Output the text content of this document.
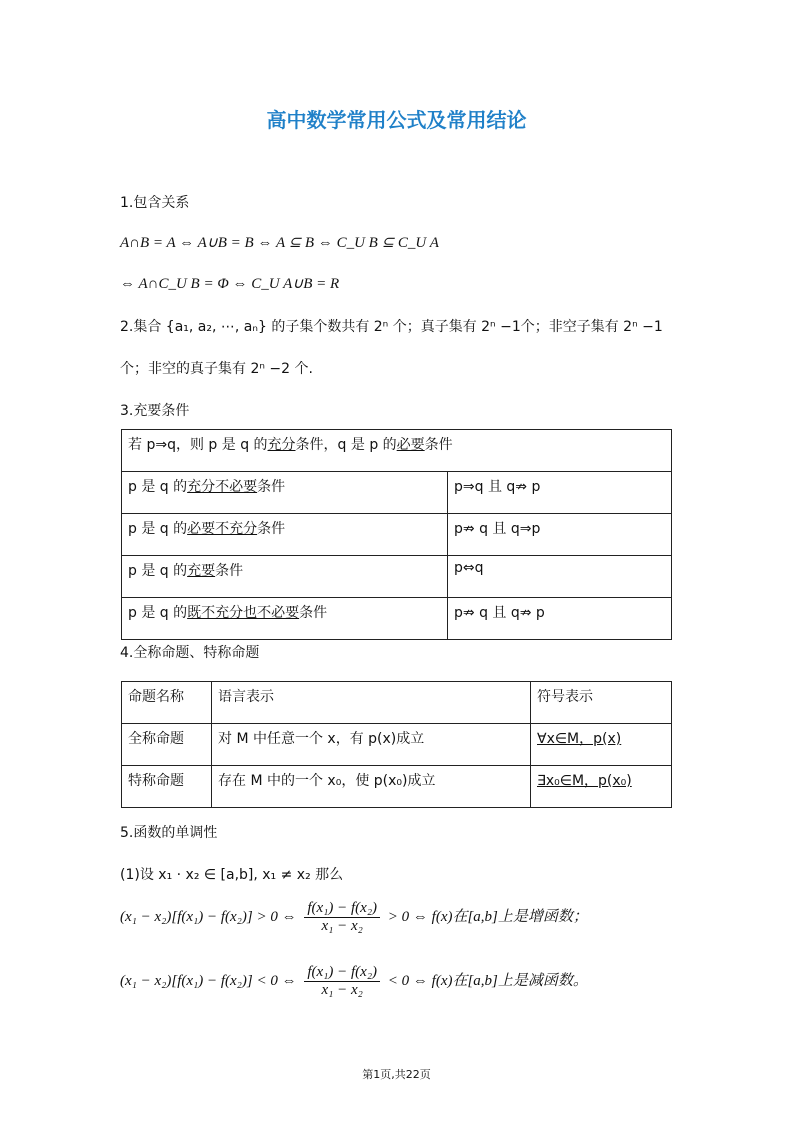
高中数学常用公式及常用结论
1.包含关系
A∩B = A ⇔ A∪B = B ⇔ A ⊆ B ⇔ C_U B ⊆ C_U A
⇔ A∩C_U B = Φ ⇔ C_U A∪B = R
2.集合 {a₁, a₂, ⋯, aₙ} 的子集个数共有 2ⁿ 个；真子集有 2ⁿ −1个；非空子集有 2ⁿ −1
个；非空的真子集有 2ⁿ −2 个.
3.充要条件
若 p⇒q，则 p 是 q 的充分条件，q 是 p 的必要条件	
p 是 q 的充分不必要条件	p⇒q 且 q⇏ p
p 是 q 的必要不充分条件	p⇏ q 且 q⇒p
p 是 q 的充要条件	p⇔q
p 是 q 的既不充分也不必要条件	p⇏ q 且 q⇏ p
4.全称命题、特称命题
命题名称	语言表示	符号表示
全称命题	对 M 中任意一个 x，有 p(x)成立	∀x∈M，p(x)
特称命题	存在 M 中的一个 x₀，使 p(x₀)成立	∃x₀∈M，p(x₀)
5.函数的单调性
(1)设 x₁ · x₂ ∈ [a,b], x₁ ≠ x₂ 那么
(x₁ − x₂)[f(x₁) − f(x₂)] > 0 ⇔ $\frac{\text{f(x₁) − f(x₂)}}{\text{x₁ − x₂}} > 0$ ⇔ f(x)在[a,b]上是增函数；
(x₁ − x₂)[f(x₁) − f(x₂)] < 0 ⇔ $\frac{\text{f(x₁) − f(x₂)}}{\text{x₁ − x₂}} < 0$ ⇔ f(x)在[a,b]上是减函数。
第1页,共22页
